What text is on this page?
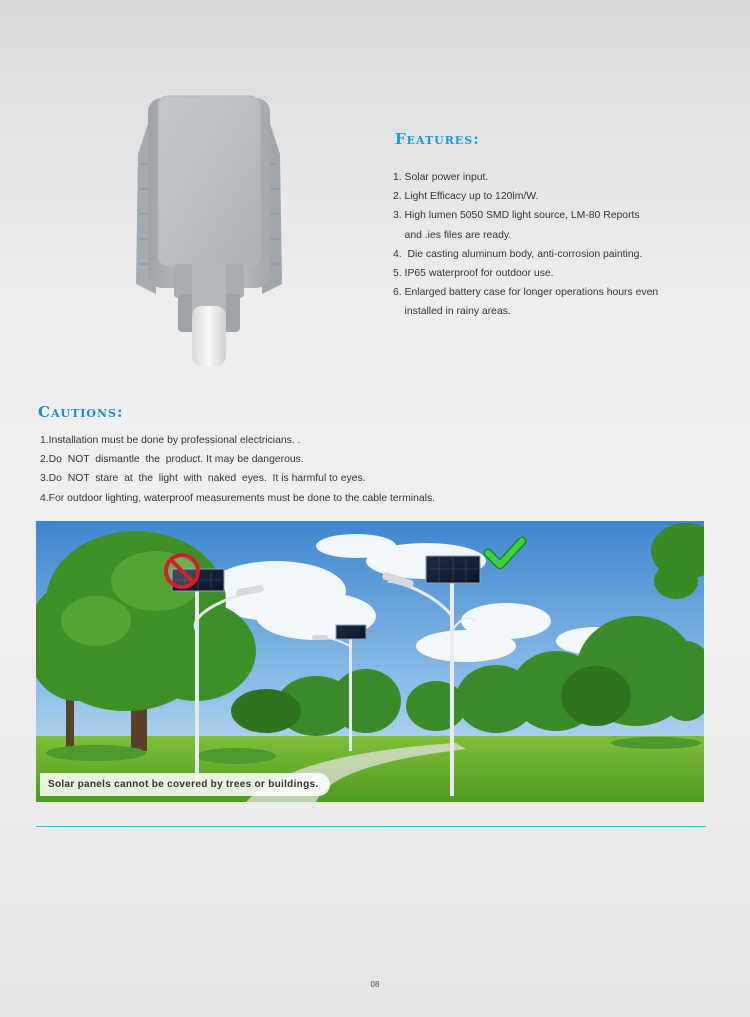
Features:
1. Solar power input.
2. Light Efficacy up to 120lm/W.
3. High lumen 5050 SMD light source, LM-80 Reports
and .ies files are ready.
4.  Die casting aluminum body, anti-corrosion painting.
5. IP65 waterproof for outdoor use.
6. Enlarged battery case for longer operations hours even
installed in rainy areas.
Cautions:
1.Installation must be done by professional electricians. .
2.Do  NOT  dismantle  the  product. It may be dangerous.
3.Do  NOT  stare  at  the  light  with  naked  eyes.  It is harmful to eyes.
4.For outdoor lighting, waterproof measurements must be done to the cable terminals.
Solar panels cannot be covered by trees or buildings.
08
